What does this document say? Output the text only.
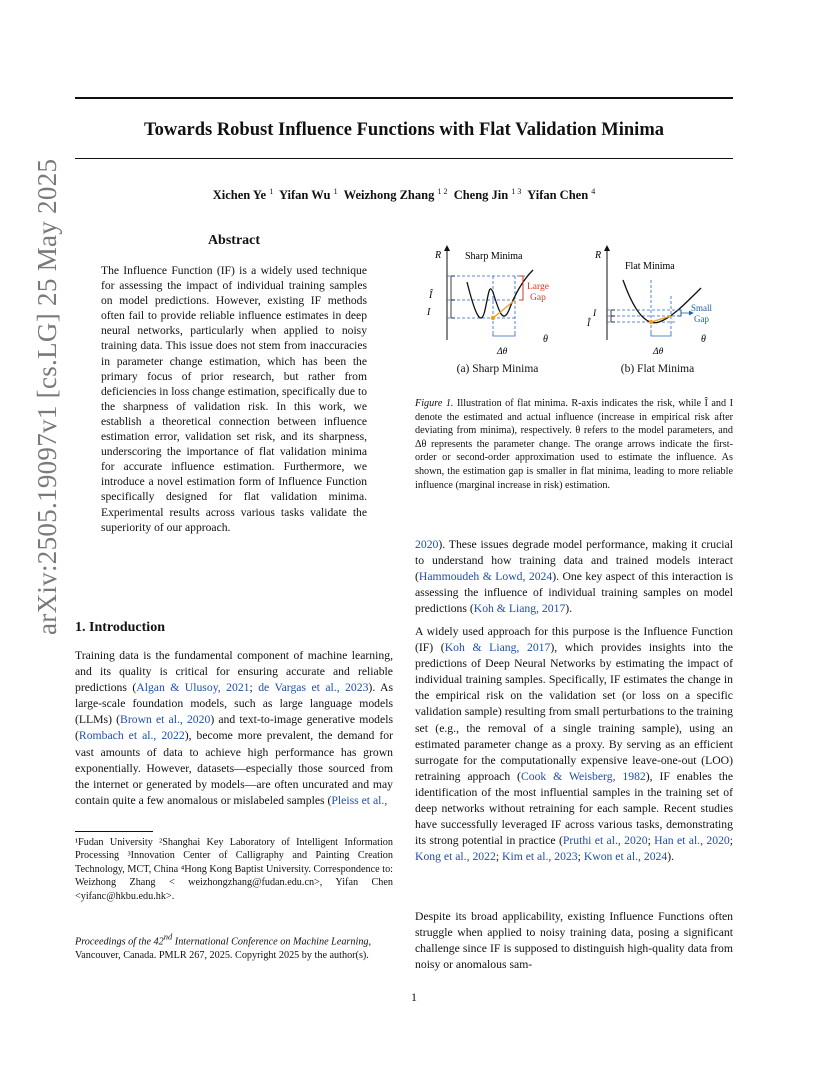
arXiv:2505.19097v1 [cs.LG] 25 May 2025
Towards Robust Influence Functions with Flat Validation Minima
Xichen Ye $^1$ Yifan Wu $^1$ Weizhong Zhang $^{1 2}$ Cheng Jin $^{1 3}$ Yifan Chen $^4$
Abstract
The Influence Function (IF) is a widely used technique for assessing the impact of individual training samples on model predictions. However, existing IF methods often fail to provide reliable influence estimates in deep neural networks, particularly when applied to noisy training data. This issue does not stem from inaccuracies in parameter change estimation, which has been the primary focus of prior research, but rather from deficiencies in loss change estimation, specifically due to the sharpness of validation risk. In this work, we establish a theoretical connection between influence estimation error, validation set risk, and its sharpness, underscoring the importance of flat validation minima for accurate influence estimation. Furthermore, we introduce a novel estimation form of Influence Function specifically designed for flat validation minima. Experimental results across various tasks validate the superiority of our approach.
1. Introduction
Training data is the fundamental component of machine learning, and its quality is critical for ensuring accurate and reliable predictions (Algan & Ulusoy, 2021; de Vargas et al., 2023). As large-scale foundation models, such as large language models (LLMs) (Brown et al., 2020) and text-to-image generative models (Rombach et al., 2022), become more prevalent, the demand for vast amounts of data to achieve high performance has grown exponentially. However, datasets—especially those sourced from the internet or generated by models—are often uncurated and may contain quite a few anomalous or mislabeled samples (Pleiss et al.,
¹Fudan University ²Shanghai Key Laboratory of Intelligent Information Processing ³Innovation Center of Calligraphy and Painting Creation Technology, MCT, China ⁴Hong Kong Baptist University. Correspondence to: Weizhong Zhang < weizhongzhang@fudan.edu.cn>, Yifan Chen <yifanc@hkbu.edu.hk>.
Proceedings of the 42nd International Conference on Machine Learning, Vancouver, Canada. PMLR 267, 2025. Copyright 2025 by the author(s).
R
θ
Sharp Minima
Large
Gap
Î
I
Δθ
R
θ
Flat Minima
Small
Gap
I
Î
Δθ
(a) Sharp Minima	(b) Flat Minima
Figure 1. Illustration of flat minima. R-axis indicates the risk, while Î and I denote the estimated and actual influence (increase in empirical risk after deviating from minima), respectively. θ refers to the model parameters, and Δθ represents the parameter change. The orange arrows indicate the first-order or second-order approximation used to estimate the influence. As shown, the estimation gap is smaller in flat minima, leading to more reliable influence (marginal increase in risk) estimation.
2020). These issues degrade model performance, making it crucial to understand how training data and trained models interact (Hammoudeh & Lowd, 2024). One key aspect of this interaction is assessing the influence of individual training samples on model predictions (Koh & Liang, 2017).
A widely used approach for this purpose is the Influence Function (IF) (Koh & Liang, 2017), which provides insights into the predictions of Deep Neural Networks by estimating the impact of individual training samples. Specifically, IF estimates the change in the empirical risk on the validation set (or loss on a specific validation sample) resulting from small perturbations to the training set (e.g., the removal of a single training sample), using an estimated parameter change as a proxy. By serving as an efficient surrogate for the computationally expensive leave-one-out (LOO) retraining approach (Cook & Weisberg, 1982), IF enables the identification of the most influential samples in the training set of deep networks without retraining for each sample. Recent studies have successfully leveraged IF across various tasks, demonstrating its strong potential in practice (Pruthi et al., 2020; Han et al., 2020; Kong et al., 2022; Kim et al., 2023; Kwon et al., 2024).
Despite its broad applicability, existing Influence Functions often struggle when applied to noisy training data, posing a significant challenge since IF is supposed to distinguish high-quality data from noisy or anomalous sam-
1
